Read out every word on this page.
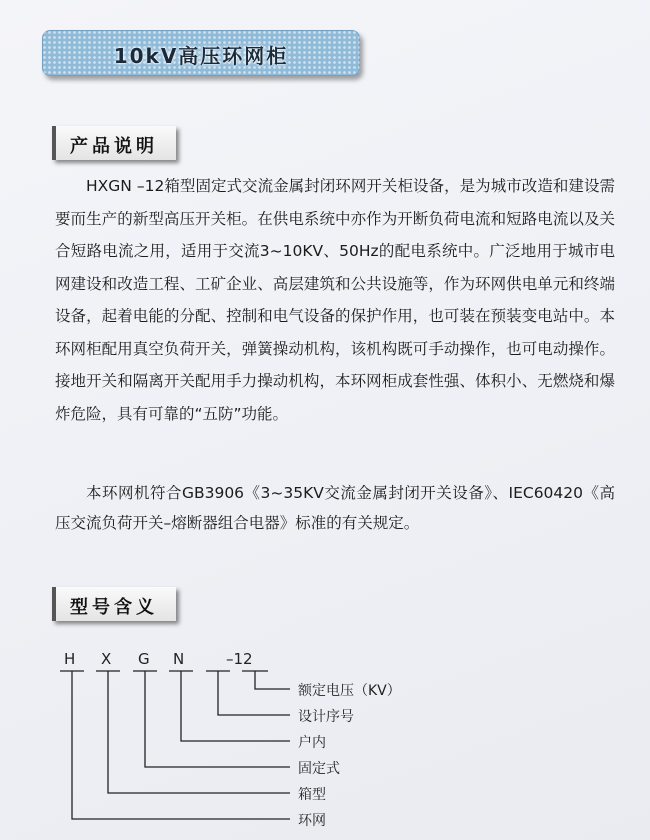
10kV高压环网柜
产品说明

HXGN –12箱型固定式交流金属封闭环网开关柜设备，是为城市改造和建设需要而生产的新型高压开关柜。在供电系统中亦作为开断负荷电流和短路电流以及关合短路电流之用，适用于交流3~10KV、50Hz的配电系统中。广泛地用于城市电网建设和改造工程、工矿企业、高层建筑和公共设施等，作为环网供电单元和终端设备，起着电能的分配、控制和电气设备的保护作用，也可装在预装变电站中。本环网柜配用真空负荷开关，弹簧操动机构，该机构既可手动操作，也可电动操作。接地开关和隔离开关配用手力操动机构，本环网柜成套性强、体积小、无燃烧和爆炸危险，具有可靠的“五防”功能。

本环网机符合GB3906《3~35KV交流金属封闭开关设备》、IEC60420《高压交流负荷开关–熔断器组合电器》标准的有关规定。

型号含义
H X G N	–12
额定电压（KV）
设计序号
户内
固定式
箱型
环网
